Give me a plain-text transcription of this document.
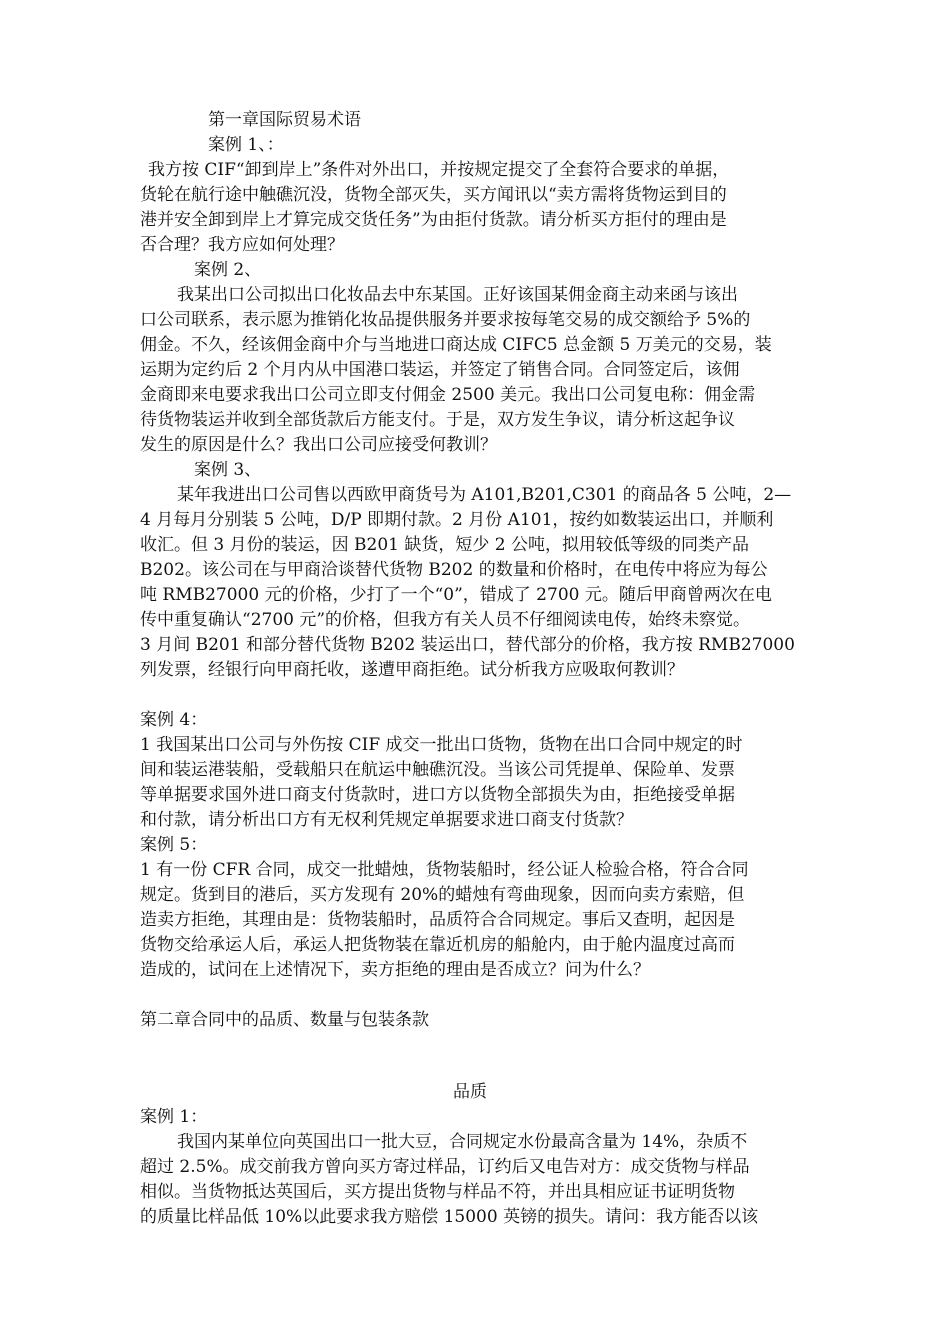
第一章国际贸易术语
案例 1、：
我方按 CIF“卸到岸上”条件对外出口，并按规定提交了全套符合要求的单据，
货轮在航行途中触礁沉没，货物全部灭失，买方闻讯以“卖方需将货物运到目的
港并安全卸到岸上才算完成交货任务”为由拒付货款。请分析买方拒付的理由是
否合理？我方应如何处理？
案例 2、
我某出口公司拟出口化妆品去中东某国。正好该国某佣金商主动来函与该出
口公司联系，表示愿为推销化妆品提供服务并要求按每笔交易的成交额给予 5%的
佣金。不久，经该佣金商中介与当地进口商达成 CIFC5 总金额 5 万美元的交易，装
运期为定约后 2 个月内从中国港口装运，并签定了销售合同。合同签定后，该佣
金商即来电要求我出口公司立即支付佣金 2500 美元。我出口公司复电称：佣金需
待货物装运并收到全部货款后方能支付。于是，双方发生争议，请分析这起争议
发生的原因是什么？我出口公司应接受何教训？
案例 3、
某年我进出口公司售以西欧甲商货号为 A101,B201,C301 的商品各 5 公吨，2—
4 月每月分别装 5 公吨，D/P 即期付款。2 月份 A101，按约如数装运出口，并顺利
收汇。但 3 月份的装运，因 B201 缺货，短少 2 公吨，拟用较低等级的同类产品
B202。该公司在与甲商洽谈替代货物 B202 的数量和价格时，在电传中将应为每公
吨 RMB27000 元的价格，少打了一个“0”，错成了 2700 元。随后甲商曾两次在电
传中重复确认“2700 元”的价格，但我方有关人员不仔细阅读电传，始终未察觉。
3 月间 B201 和部分替代货物 B202 装运出口，替代部分的价格，我方按 RMB27000
列发票，经银行向甲商托收，遂遭甲商拒绝。试分析我方应吸取何教训？
案例 4：
1 我国某出口公司与外伤按 CIF 成交一批出口货物，货物在出口合同中规定的时
间和装运港装船，受载船只在航运中触礁沉没。当该公司凭提单、保险单、发票
等单据要求国外进口商支付货款时，进口方以货物全部损失为由，拒绝接受单据
和付款，请分析出口方有无权利凭规定单据要求进口商支付货款？
案例 5：
1 有一份 CFR 合同，成交一批蜡烛，货物装船时，经公证人检验合格，符合合同
规定。货到目的港后，买方发现有 20%的蜡烛有弯曲现象，因而向卖方索赔，但
造卖方拒绝，其理由是：货物装船时，品质符合合同规定。事后又查明，起因是
货物交给承运人后，承运人把货物装在靠近机房的船舱内，由于舱内温度过高而
造成的，试问在上述情况下，卖方拒绝的理由是否成立？问为什么？
第二章合同中的品质、数量与包装条款
品质
案例 1：
我国内某单位向英国出口一批大豆，合同规定水份最高含量为 14%，杂质不
超过 2.5%。成交前我方曾向买方寄过样品，订约后又电告对方：成交货物与样品
相似。当货物抵达英国后，买方提出货物与样品不符，并出具相应证书证明货物
的质量比样品低 10%以此要求我方赔偿 15000 英镑的损失。请问：我方能否以该
